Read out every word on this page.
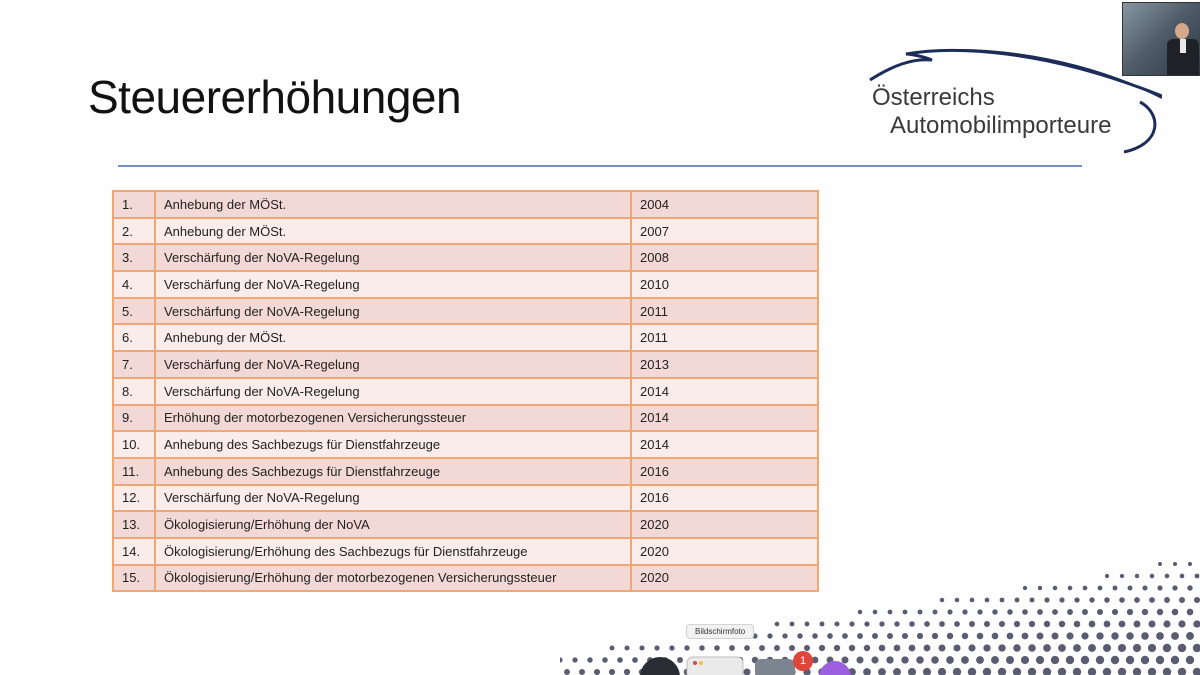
Steuererhöhungen	Österreichs
Automobilimporteure
1.	Anhebung der MÖSt.	2004
2.	Anhebung der MÖSt.	2007
3.	Verschärfung der NoVA-Regelung	2008
4.	Verschärfung der NoVA-Regelung	2010
5.	Verschärfung der NoVA-Regelung	2011
6.	Anhebung der MÖSt.	2011
7.	Verschärfung der NoVA-Regelung	2013
8.	Verschärfung der NoVA-Regelung	2014
9.	Erhöhung der motorbezogenen Versicherungssteuer	2014
10.	Anhebung des Sachbezugs für Dienstfahrzeuge	2014
11.	Anhebung des Sachbezugs für Dienstfahrzeuge	2016
12.	Verschärfung der NoVA-Regelung	2016
13.	Ökologisierung/Erhöhung der NoVA	2020
14.	Ökologisierung/Erhöhung des Sachbezugs für Dienstfahrzeuge	2020
15.	Ökologisierung/Erhöhung der motorbezogenen Versicherungssteuer	2020
Bildschirmfoto
1
